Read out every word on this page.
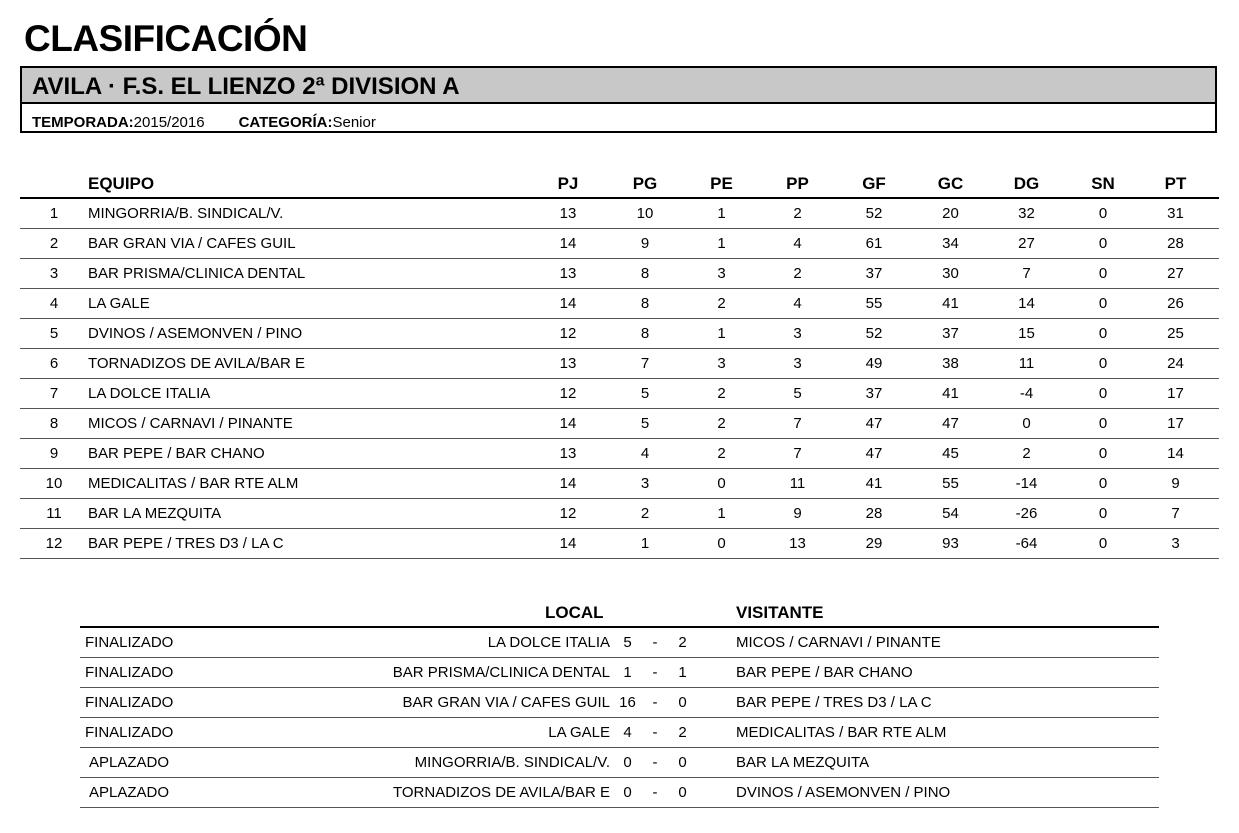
CLASIFICACIÓN
AVILA · F.S. EL LIENZO 2ª DIVISION A
TEMPORADA:2015/2016 CATEGORÍA:Senior
	EQUIPO	PJ	PG	PE	PP	GF	GC	DG	SN	PT
1	MINGORRIA/B. SINDICAL/V.	13	10	1	2	52	20	32	0	31
2	BAR GRAN VIA / CAFES GUIL	14	9	1	4	61	34	27	0	28
3	BAR PRISMA/CLINICA DENTAL	13	8	3	2	37	30	7	0	27
4	LA GALE	14	8	2	4	55	41	14	0	26
5	DVINOS / ASEMONVEN / PINO	12	8	1	3	52	37	15	0	25
6	TORNADIZOS DE AVILA/BAR E	13	7	3	3	49	38	11	0	24
7	LA DOLCE ITALIA	12	5	2	5	37	41	-4	0	17
8	MICOS / CARNAVI / PINANTE	14	5	2	7	47	47	0	0	17
9	BAR PEPE / BAR CHANO	13	4	2	7	47	45	2	0	14
10	MEDICALITAS / BAR RTE ALM	14	3	0	11	41	55	-14	0	9
11	BAR LA MEZQUITA	12	2	1	9	28	54	-26	0	7
12	BAR PEPE / TRES D3 / LA C	14	1	0	13	29	93	-64	0	3
LOCAL	VISITANTE
FINALIZADO	LA DOLCE ITALIA	5	-	2		MICOS / CARNAVI / PINANTE
FINALIZADO	BAR PRISMA/CLINICA DENTAL	1	-	1		BAR PEPE / BAR CHANO
FINALIZADO	BAR GRAN VIA / CAFES GUIL	16	-	0		BAR PEPE / TRES D3 / LA C
FINALIZADO	LA GALE	4	-	2		MEDICALITAS / BAR RTE ALM
APLAZADO	MINGORRIA/B. SINDICAL/V.	0	-	0		BAR LA MEZQUITA
APLAZADO	TORNADIZOS DE AVILA/BAR E	0	-	0		DVINOS / ASEMONVEN / PINO
